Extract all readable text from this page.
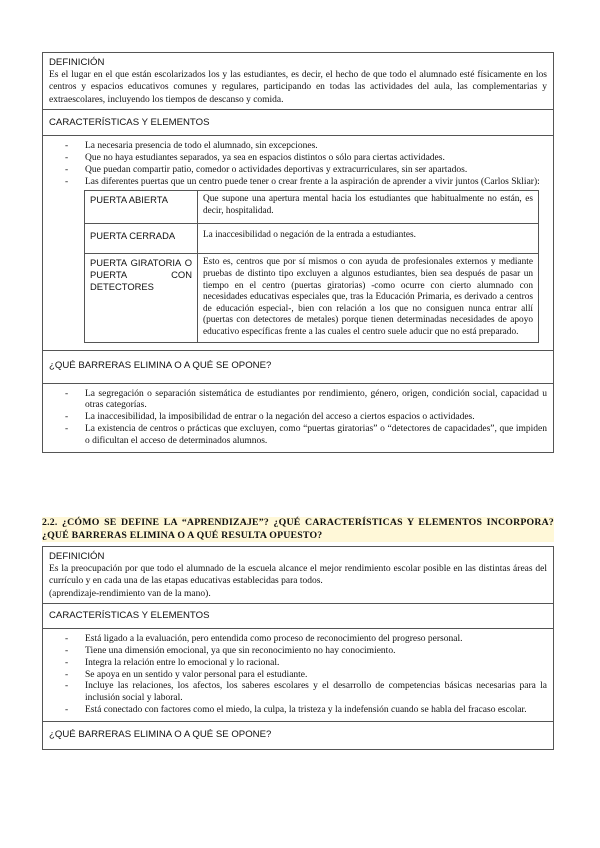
DEFINICIÓN
Es el lugar en el que están escolarizados los y las estudiantes, es decir, el hecho de que todo el alumnado esté físicamente en los centros y espacios educativos comunes y regulares, participando en todas las actividades del aula, las complementarias y extraescolares, incluyendo los tiempos de descanso y comida.
CARACTERÍSTICAS Y ELEMENTOS
- La necesaria presencia de todo el alumnado, sin excepciones.
- Que no haya estudiantes separados, ya sea en espacios distintos o sólo para ciertas actividades.
- Que puedan compartir patio, comedor o actividades deportivas y extracurriculares, sin ser apartados.
- Las diferentes puertas que un centro puede tener o crear frente a la aspiración de aprender a vivir juntos (Carlos Skliar):
PUERTA ABIERTA	Que supone una apertura mental hacia los estudiantes que habitualmente no están, es decir, hospitalidad.
PUERTA CERRADA	La inaccesibilidad o negación de la entrada a estudiantes.
PUERTA GIRATORIA O PUERTA CON DETECTORES	Esto es, centros que por sí mismos o con ayuda de profesionales externos y mediante pruebas de distinto tipo excluyen a algunos estudiantes, bien sea después de pasar un tiempo en el centro (puertas giratorias) -como ocurre con cierto alumnado con necesidades educativas especiales que, tras la Educación Primaria, es derivado a centros de educación especial-, bien con relación a los que no consiguen nunca entrar allí (puertas con detectores de metales) porque tienen determinadas necesidades de apoyo educativo específicas frente a las cuales el centro suele aducir que no está preparado.
¿QUÉ BARRERAS ELIMINA O A QUÉ SE OPONE?
- La segregación o separación sistemática de estudiantes por rendimiento, género, origen, condición social, capacidad u otras categorías.
- La inaccesibilidad, la imposibilidad de entrar o la negación del acceso a ciertos espacios o actividades.
- La existencia de centros o prácticas que excluyen, como “puertas giratorias” o “detectores de capacidades”, que impiden o dificultan el acceso de determinados alumnos.
2.2. ¿CÓMO SE DEFINE LA “APRENDIZAJE”? ¿QUÉ CARACTERÍSTICAS Y ELEMENTOS INCORPORA? ¿QUÉ BARRERAS ELIMINA O A QUÉ RESULTA OPUESTO?
DEFINICIÓN
Es la preocupación por que todo el alumnado de la escuela alcance el mejor rendimiento escolar posible en las distintas áreas del currículo y en cada una de las etapas educativas establecidas para todos.
(aprendizaje-rendimiento van de la mano).
CARACTERÍSTICAS Y ELEMENTOS
- Está ligado a la evaluación, pero entendida como proceso de reconocimiento del progreso personal.
- Tiene una dimensión emocional, ya que sin reconocimiento no hay conocimiento.
- Integra la relación entre lo emocional y lo racional.
- Se apoya en un sentido y valor personal para el estudiante.
- Incluye las relaciones, los afectos, los saberes escolares y el desarrollo de competencias básicas necesarias para la inclusión social y laboral.
- Está conectado con factores como el miedo, la culpa, la tristeza y la indefensión cuando se habla del fracaso escolar.
¿QUÉ BARRERAS ELIMINA O A QUÉ SE OPONE?
